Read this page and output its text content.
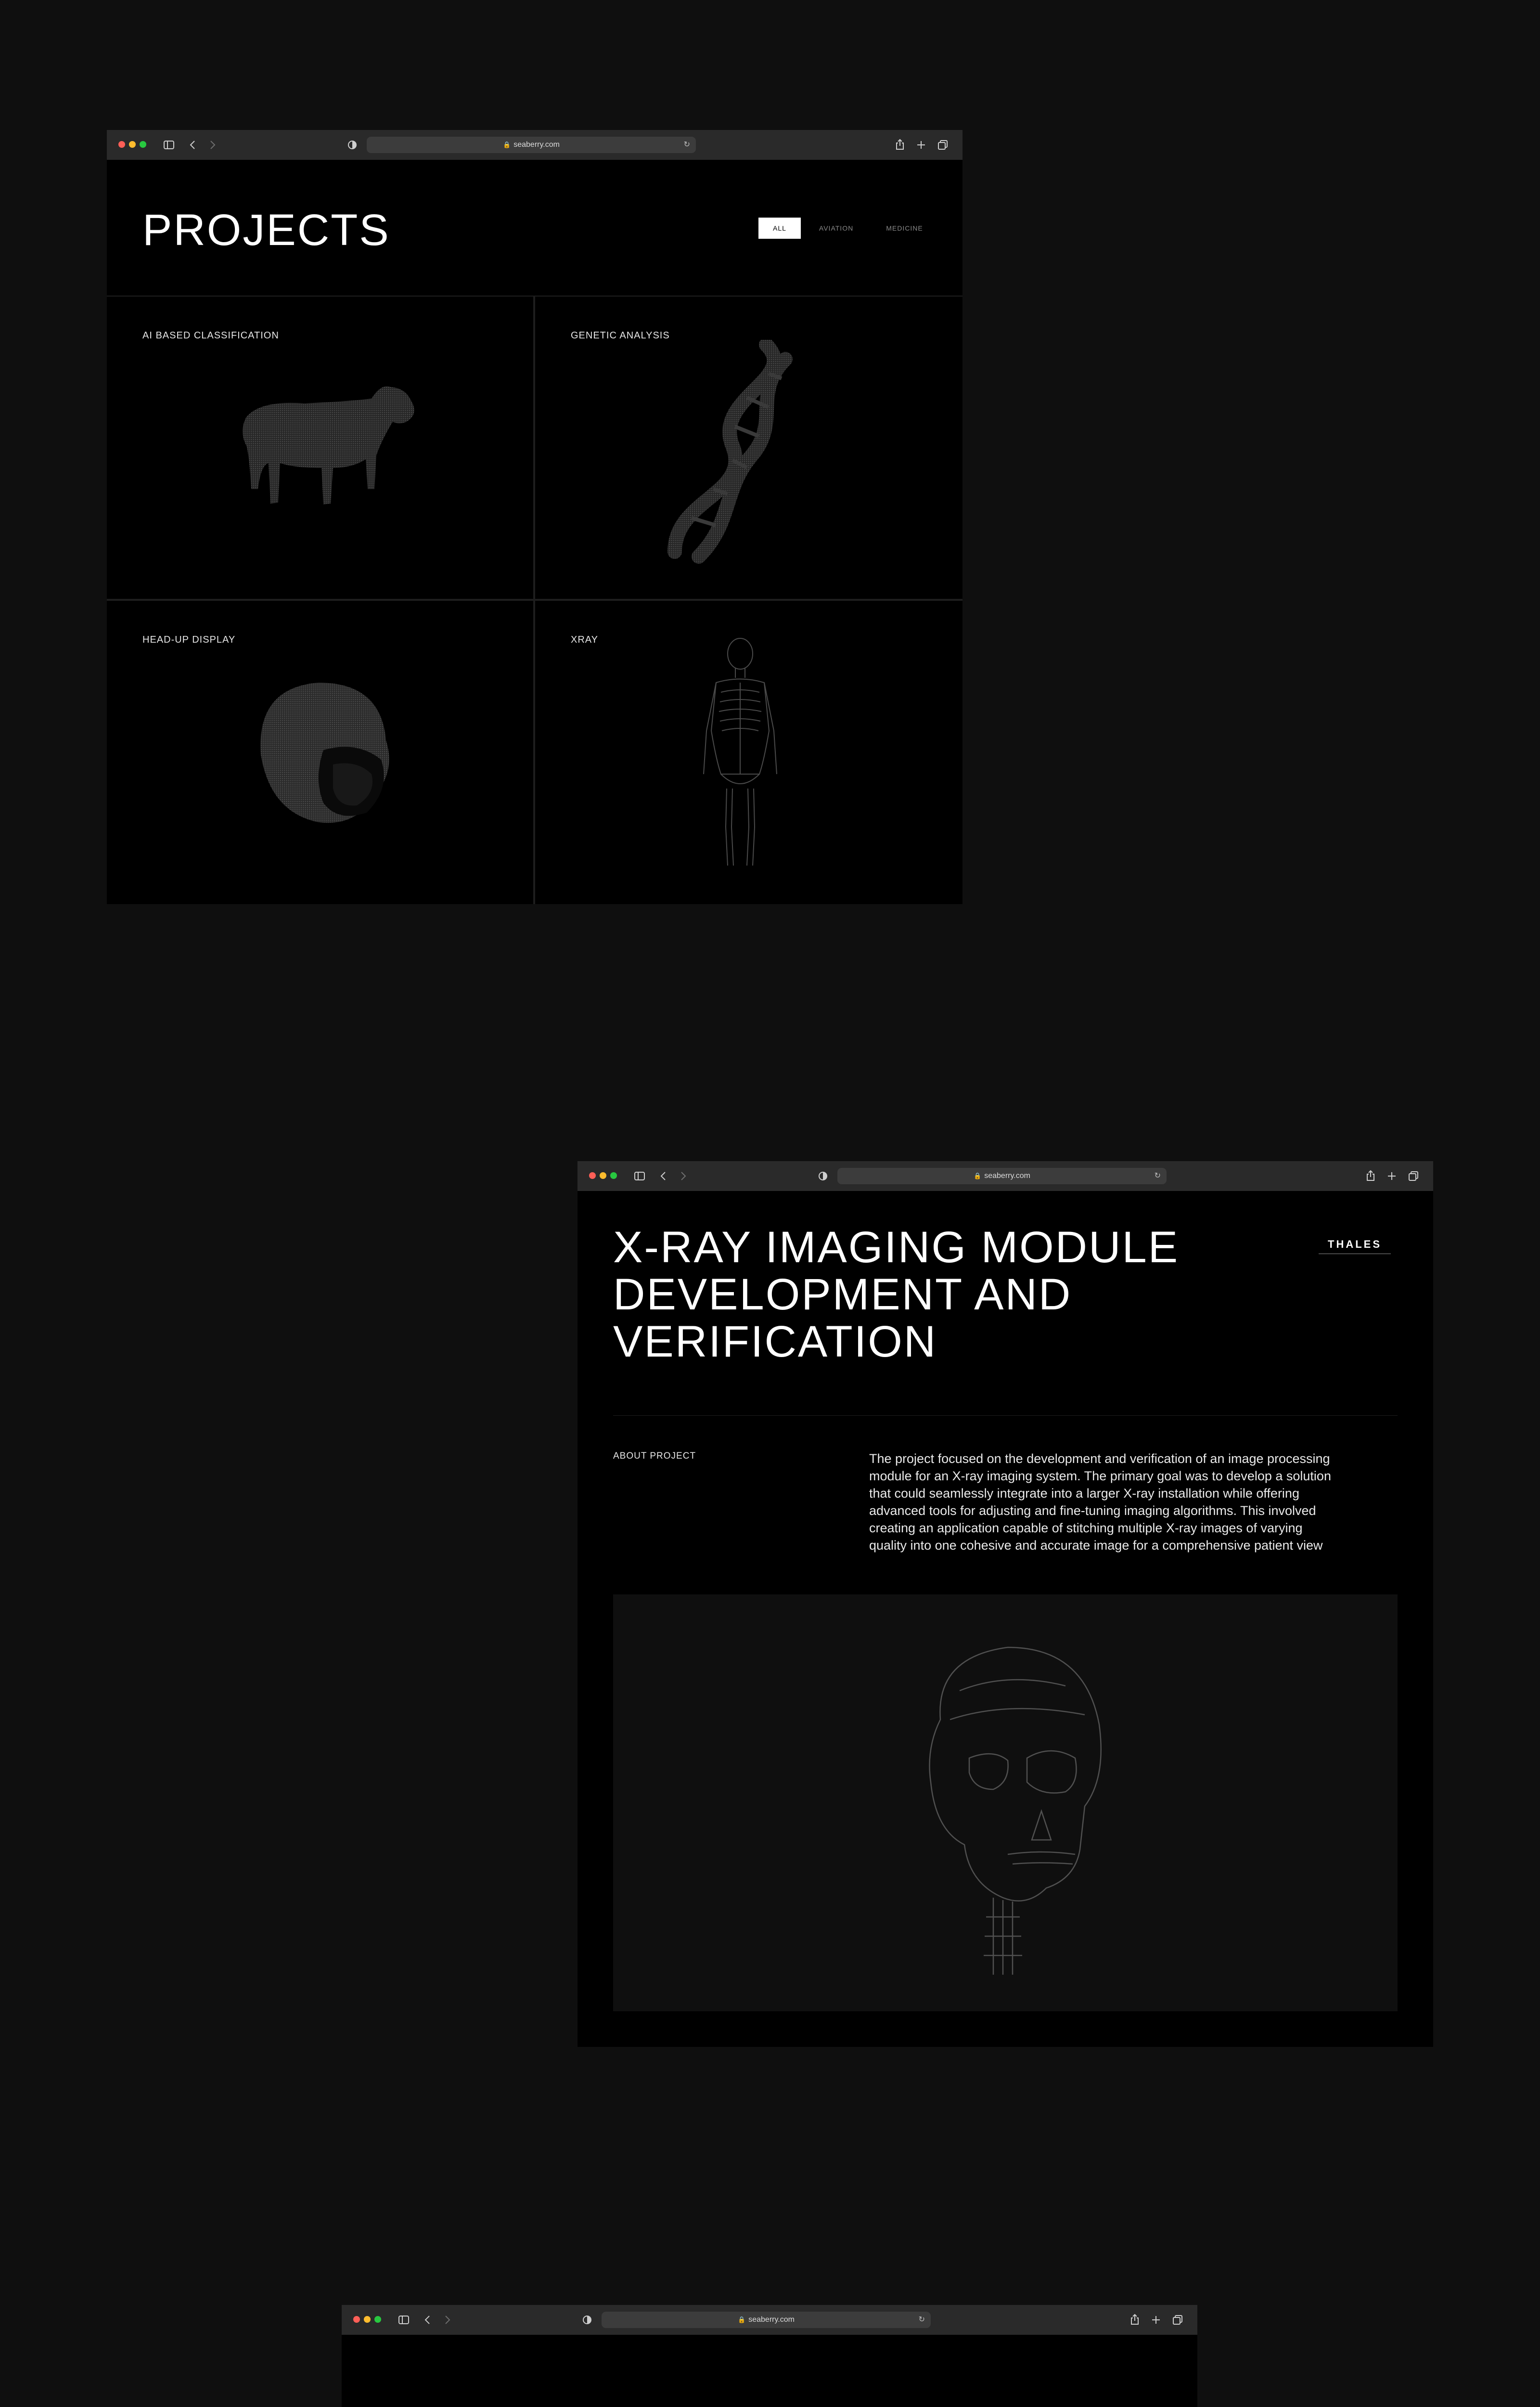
🔒 seaberry.com	↻
PROJECTS	ALL	AVIATION	MEDICINE
AI BASED CLASSIFICATION	GENETIC ANALYSIS
HEAD-UP DISPLAY	XRAY
🔒 seaberry.com	↻
X-RAY IMAGING MODULE
DEVELOPMENT AND
VERIFICATION
THALES
ABOUT PROJECT	The project focused on the development and verification of an image processing
module for an X-ray imaging system. The primary goal was to develop a solution
that could seamlessly integrate into a larger X-ray installation while offering
advanced tools for adjusting and fine-tuning imaging algorithms. This involved
creating an application capable of stitching multiple X-ray images of varying
quality into one cohesive and accurate image for a comprehensive patient view
🔒 seaberry.com	↻
